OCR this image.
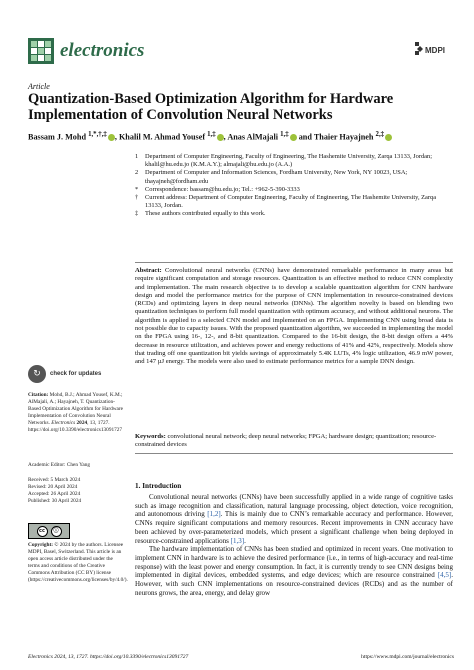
electronics	MDPI
Article
Quantization-Based Optimization Algorithm for Hardware Implementation of Convolution Neural Networks
Bassam J. Mohd $^{1,*,\dagger,\ddagger}$ , Khalil M. Ahmad Yousef $^{1,\ddagger}$ , Anas AlMajali $^{1,\ddagger}$ and Thaier Hayajneh $^{2,\ddagger}$
1	Department of Computer Engineering, Faculty of Engineering, The Hashemite University, Zarqa 13133, Jordan; khalil@hu.edu.jo (K.M.A.Y.); almajali@hu.edu.jo (A.A.)
2	Department of Computer and Information Sciences, Fordham University, New York, NY 10023, USA; thayajneh@fordham.edu
*	Correspondence: bassam@hu.edu.jo; Tel.: +962-5-390-3333
†	Current address: Department of Computer Engineering, Faculty of Engineering, The Hashemite University, Zarqa 13133, Jordan.
‡	These authors contributed equally to this work.
Abstract: Convolutional neural networks (CNNs) have demonstrated remarkable performance in many areas but require significant computation and storage resources. Quantization is an effective method to reduce CNN complexity and implementation. The main research objective is to develop a scalable quantization algorithm for CNN hardware design and model the performance metrics for the purpose of CNN implementation in resource-constrained devices (RCDs) and optimizing layers in deep neural networks (DNNs). The algorithm novelty is based on blending two quantization techniques to perform full model quantization with optimum accuracy, and without additional neurons. The algorithm is applied to a selected CNN model and implemented on an FPGA. Implementing CNN using broad data is not possible due to capacity issues. With the proposed quantization algorithm, we succeeded in implementing the model on the FPGA using 16-, 12-, and 8-bit quantization. Compared to the 16-bit design, the 8-bit design offers a 44% decrease in resource utilization, and achieves power and energy reductions of 41% and 42%, respectively. Models show that trading off one quantization bit yields savings of approximately 5.4K LUTs, 4% logic utilization, 46.9 mW power, and 147 µJ energy. The models were also used to estimate performance metrics for a sample DNN design.
Keywords: convolutional neural network; deep neural networks; FPGA; hardware design; quantization; resource-constrained devices
↻	check for updates
Citation: Mohd, B.J.; Ahmad Yousef, K.M.; AlMajali, A.; Hayajneh, T. Quantization-Based Optimization Algorithm for Hardware Implementation of Convolution Neural Networks. Electronics 2024, 13, 1727. https://doi.org/10.3390/electronics13091727
Academic Editor: Chen Yang
Received: 5 March 2024
Revised: 20 April 2024
Accepted: 26 April 2024
Published: 30 April 2024
cc	ⓘ
Copyright: © 2024 by the authors. Licensee MDPI, Basel, Switzerland. This article is an open access article distributed under the terms and conditions of the Creative Commons Attribution (CC BY) license (https://creativecommons.org/licenses/by/4.0/).
1. Introduction

Convolutional neural networks (CNNs) have been successfully applied in a wide range of cognitive tasks such as image recognition and classification, natural language processing, object detection, voice recognition, and autonomous driving [1,2]. This is mainly due to CNN’s remarkable accuracy and performance. However, CNNs require significant computations and memory resources. Recent improvements in CNN accuracy have been achieved by over-parameterized models, which present a significant challenge when being deployed in resource-constrained applications [1,3].

The hardware implementation of CNNs has been studied and optimized in recent years. One motivation to implement CNN in hardware is to achieve the desired performance (i.e., in terms of high-accuracy and real-time response) with the least power and energy consumption. In fact, it is currently trendy to see CNN designs being implemented in digital devices, embedded systems, and edge devices; which are resource constrained [4,5]. However, with such CNN implementations on resource-constrained devices (RCDs) and as the number of neurons grows, the area, energy, and delay grow

Electronics 2024, 13, 1727. https://doi.org/10.3390/electronics13091727	https://www.mdpi.com/journal/electronics
